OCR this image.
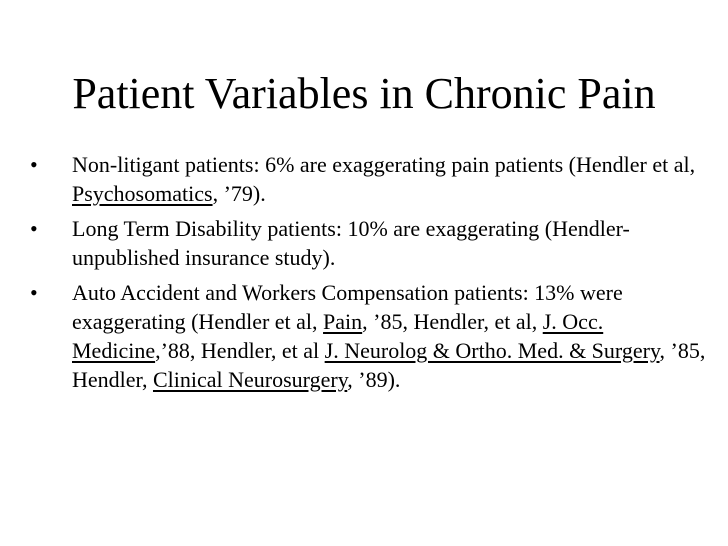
Patient Variables in Chronic Pain
•	Non-litigant patients: 6% are exaggerating pain patients (Hendler et al, Psychosomatics, ’79).
•	Long Term Disability patients: 10% are exaggerating (Hendler-unpublished insurance study).
•	Auto Accident and Workers Compensation patients: 13% were exaggerating (Hendler et al, Pain, ’85, Hendler, et al, J. Occ. Medicine,’88, Hendler, et al J. Neurolog & Ortho. Med. & Surgery, ’85, Hendler, Clinical Neurosurgery, ’89).
